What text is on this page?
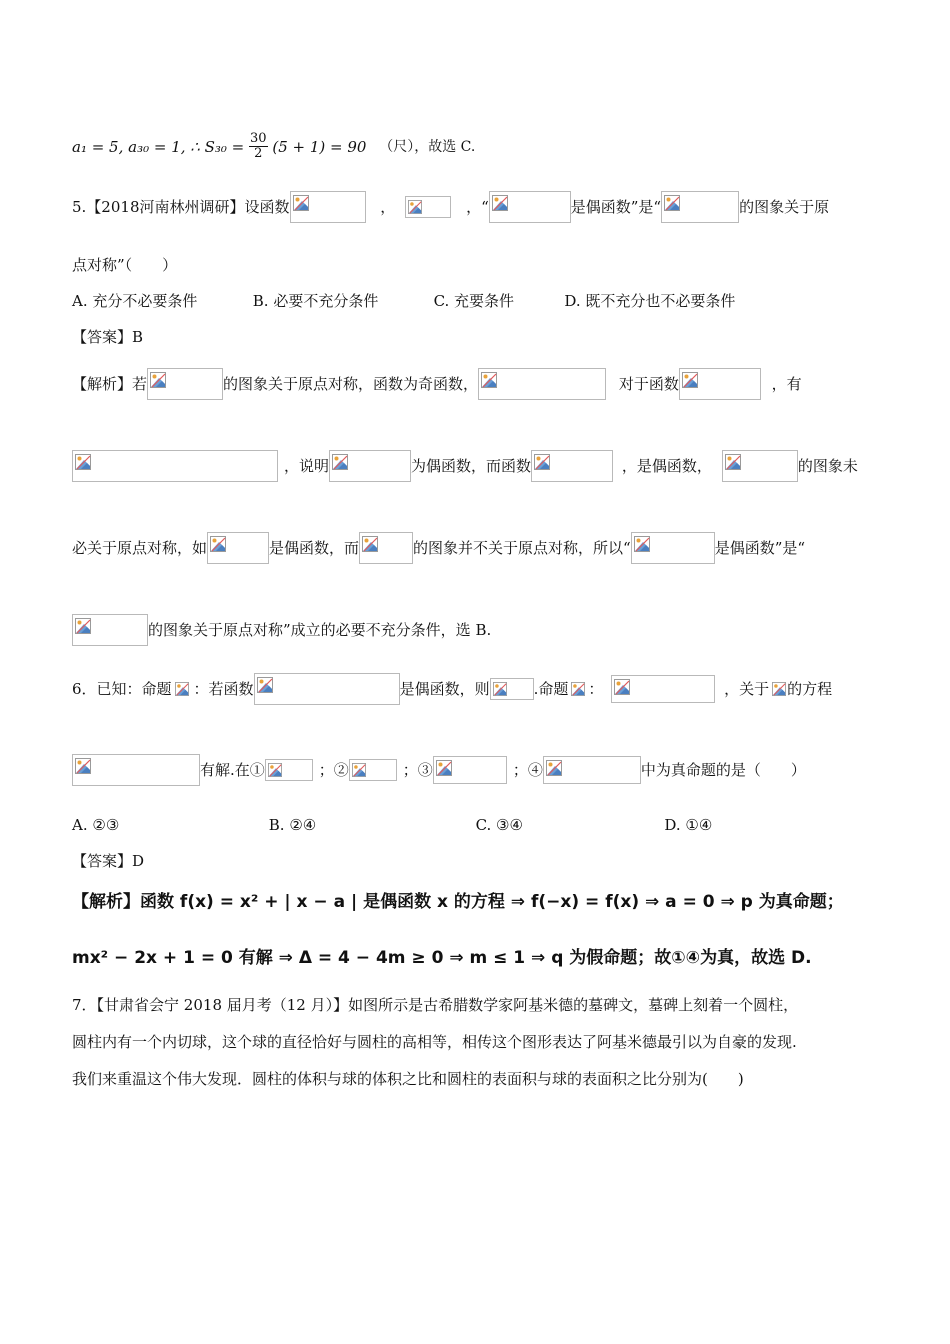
a₁ = 5, a₃₀ = 1, ∴ $S_{30} = \frac{30}{2} (5 + 1) = 90$ （尺），故选 C.
5.【2018河南林州调研】设函数	，	，“	是偶函数”是“	的图象关于原
点对称”（　　）
A. 充分不必要条件	B. 必要不充分条件	C. 充要条件	D. 既不充分也不必要条件
【答案】B
【解析】若	的图象关于原点对称，函数为奇函数，	对于函数	，有
，说明	为偶函数，而函数	，是偶函数，	的图象未
必关于原点对称，如	是偶函数，而	的图象并不关于原点对称，所以“	是偶函数”是“
的图象关于原点对称”成立的必要不充分条件，选 B.
6．已知：命题 ：若函数	是偶函数，则	.命题 ：	，关于 的方程
有解.在①	；②	；③	；④	中为真命题的是（　　）
A. ②③	B. ②④	C. ③④	D. ①④
【答案】D
【解析】函数 f(x) = x² + | x − a | 是偶函数 x 的方程 ⇒ f(−x) = f(x) ⇒ a = 0 ⇒ p 为真命题；
mx² − 2x + 1 = 0 有解 ⇒ Δ = 4 − 4m ≥ 0 ⇒ m ≤ 1 ⇒ q 为假命题；故①④为真，故选 D.
7．【甘肃省会宁 2018 届月考（12 月）】如图所示是古希腊数学家阿基米德的墓碑文，墓碑上刻着一个圆柱，
圆柱内有一个内切球，这个球的直径恰好与圆柱的高相等，相传这个图形表达了阿基米德最引以为自豪的发现.
我们来重温这个伟大发现．圆柱的体积与球的体积之比和圆柱的表面积与球的表面积之比分别为(　　)
